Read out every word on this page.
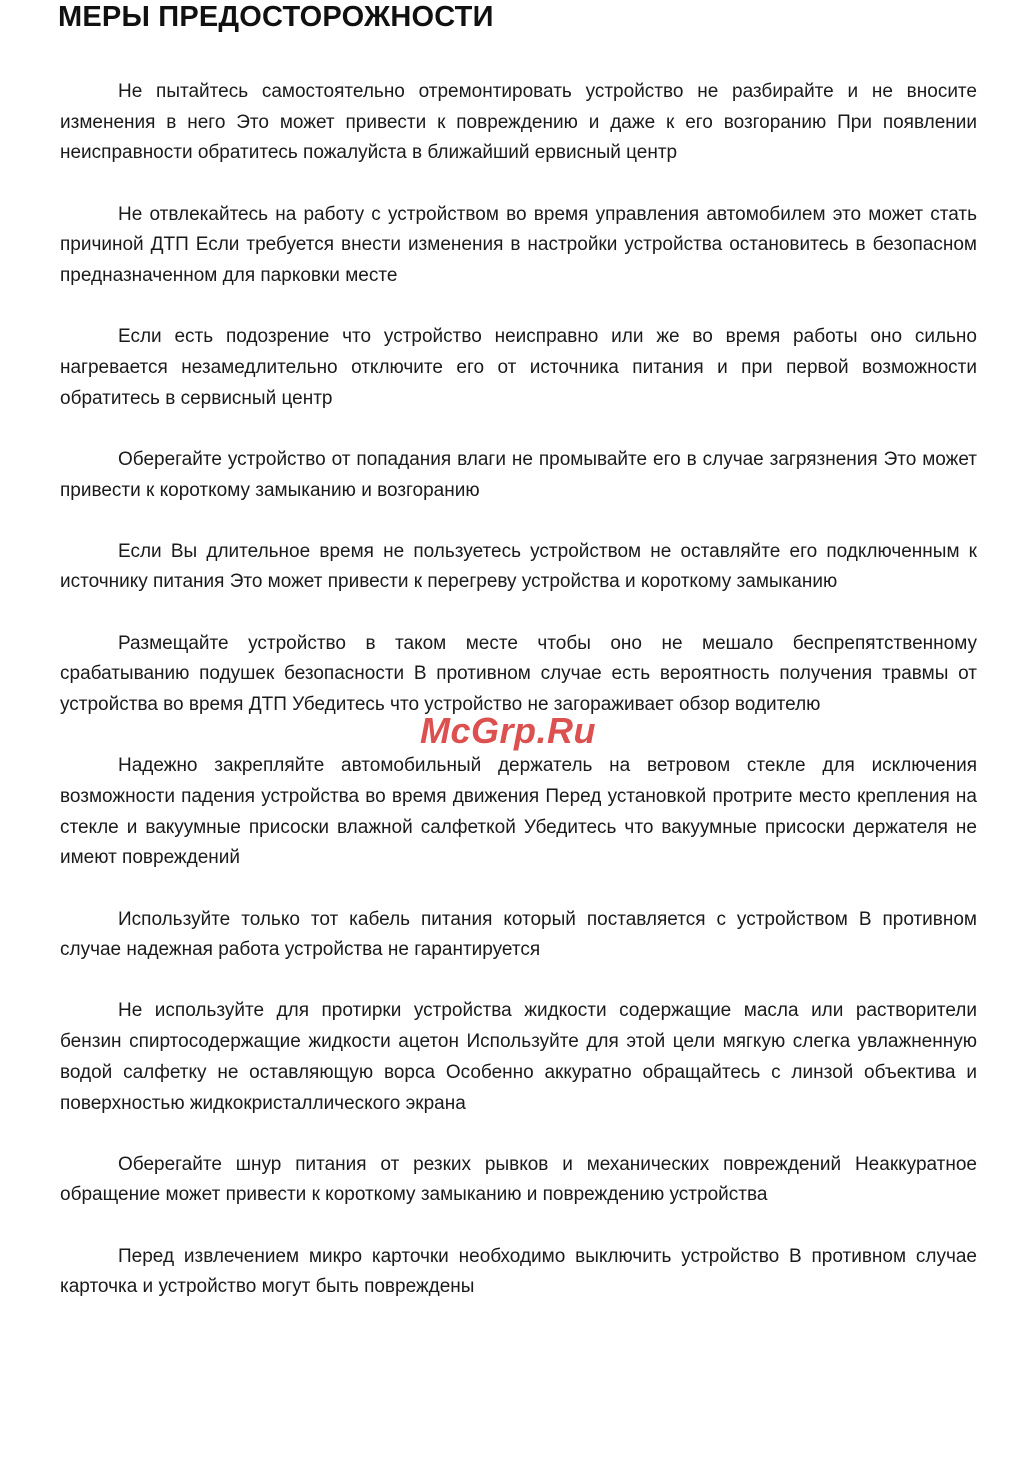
МЕРЫ ПРЕДОСТОРОЖНОСТИ

Не пытайтесь самостоятельно отремонтировать устройство не разбирайте и не вносите изменения в него Это может привести к повреждению и даже к его возгоранию При появлении неисправности обратитесь пожалуйста в ближайший ервисный центр

Не отвлекайтесь на работу с устройством во время управления автомобилем это может стать причиной ДТП Если требуется внести изменения в настройки устройства остановитесь в безопасном предназначенном для парковки месте

Если есть подозрение что устройство неисправно или же во время работы оно сильно нагревается незамедлительно отключите его от источника питания и при первой возможности обратитесь в сервисный центр

Оберегайте устройство от попадания влаги не промывайте его в случае загрязнения Это может привести к короткому замыканию и возгоранию

Если Вы длительное время не пользуетесь устройством не оставляйте его подключенным к источнику питания Это может привести к перегреву устройства и короткому замыканию

Размещайте устройство в таком месте чтобы оно не мешало беспрепятственному срабатыванию подушек безопасности В противном случае есть вероятность получения травмы от устройства во время ДТП Убедитесь что устройство не загораживает обзор водителю

Надежно закрепляйте автомобильный держатель на ветровом стекле для исключения возможности падения устройства во время движения Перед установкой протрите место крепления на стекле и вакуумные присоски влажной салфеткой Убедитесь что вакуумные присоски держателя не имеют повреждений

Используйте только тот кабель питания который поставляется с устройством В противном случае надежная работа устройства не гарантируется

Не используйте для протирки устройства жидкости содержащие масла или растворители бензин спиртосодержащие жидкости ацетон Используйте для этой цели мягкую слегка увлажненную водой салфетку не оставляющую ворса Особенно аккуратно обращайтесь с линзой объектива и поверхностью жидкокристаллического экрана

Оберегайте шнур питания от резких рывков и механических повреждений Неаккуратное обращение может привести к короткому замыканию и повреждению устройства

Перед извлечением микро карточки необходимо выключить устройство В противном случае карточка и устройство могут быть повреждены

McGrp.Ru
